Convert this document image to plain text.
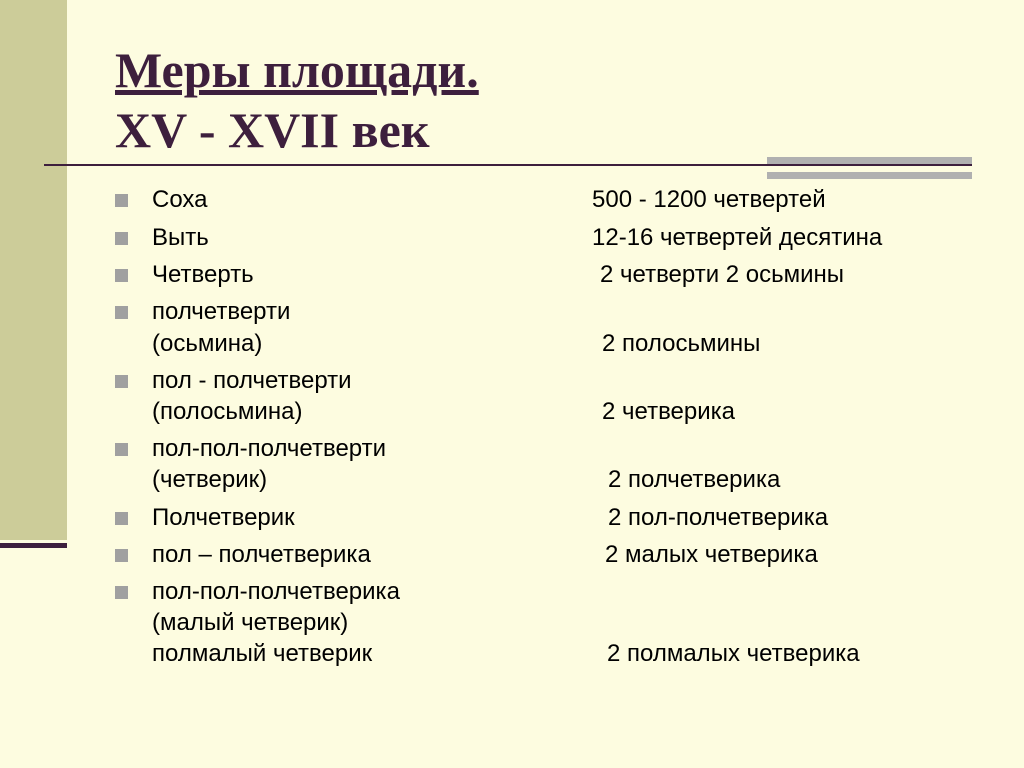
Меры площади.
XV - XVII век
Соха	500 - 1200 четвертей
Выть	12-16 четвертей десятина
Четверть	2 четверти 2 осьмины
полчетверти
(осьмина)	2 полосьмины
пол - полчетверти
(полосьмина)	2 четверика
пол-пол-полчетверти
(четверик)	2 полчетверика
Полчетверик	2 пол-полчетверика
пол – полчетверика	2 малых четверика
пол-пол-полчетверика
(малый четверик)
полмалый четверик	2 полмалых четверика
